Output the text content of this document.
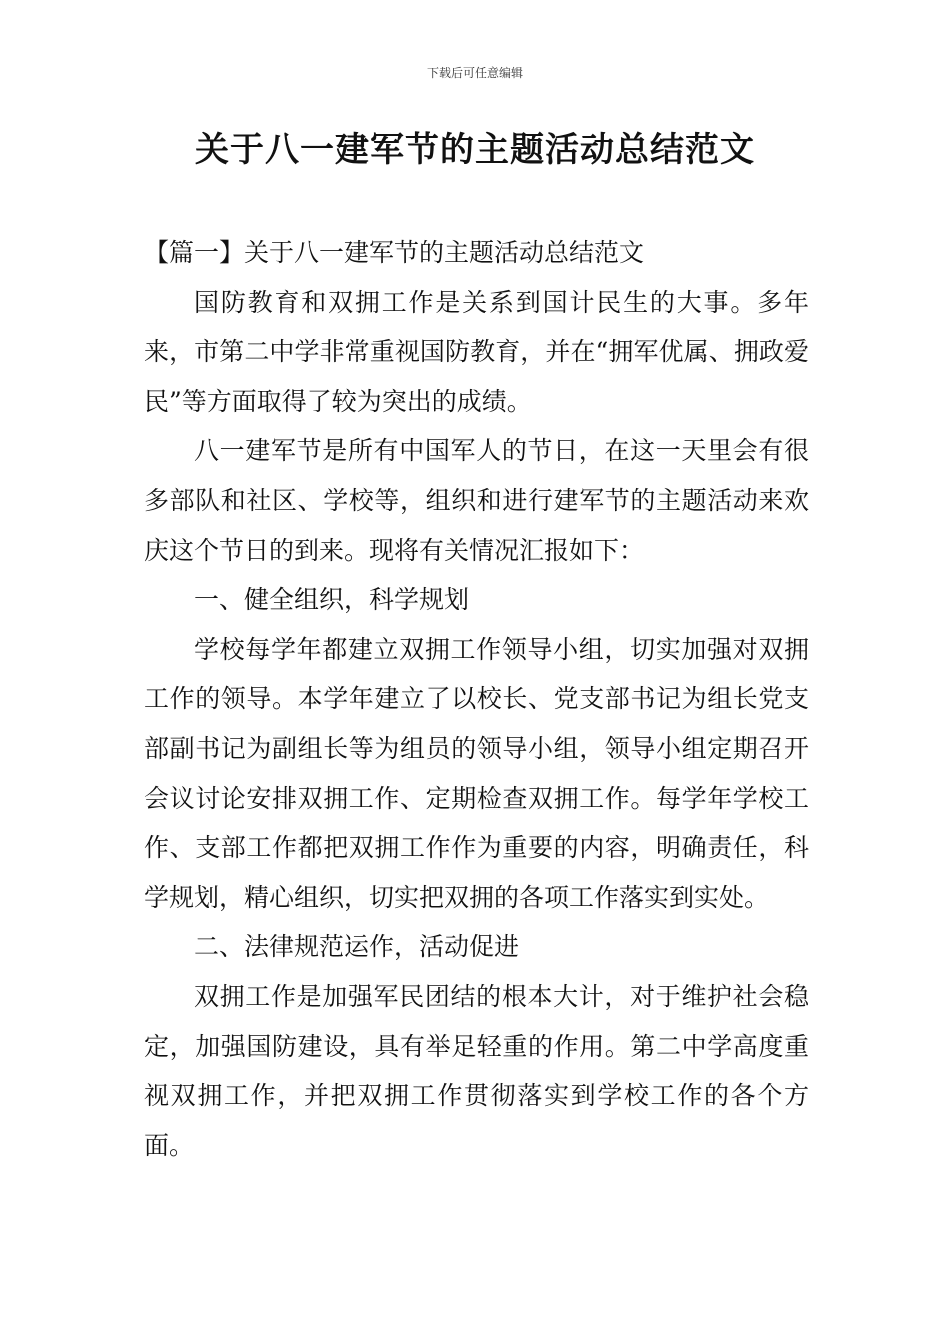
下载后可任意编辑
关于八一建军节的主题活动总结范文

【篇一】关于八一建军节的主题活动总结范文

国防教育和双拥工作是关系到国计民生的大事。多年来，市第二中学非常重视国防教育，并在“拥军优属、拥政爱民”等方面取得了较为突出的成绩。

八一建军节是所有中国军人的节日，在这一天里会有很多部队和社区、学校等，组织和进行建军节的主题活动来欢庆这个节日的到来。现将有关情况汇报如下：

一、健全组织，科学规划

学校每学年都建立双拥工作领导小组，切实加强对双拥工作的领导。本学年建立了以校长、党支部书记为组长党支部副书记为副组长等为组员的领导小组，领导小组定期召开会议讨论安排双拥工作、定期检查双拥工作。每学年学校工作、支部工作都把双拥工作作为重要的内容，明确责任，科学规划，精心组织，切实把双拥的各项工作落实到实处。

二、法律规范运作，活动促进

双拥工作是加强军民团结的根本大计，对于维护社会稳定，加强国防建设，具有举足轻重的作用。第二中学高度重视双拥工作，并把双拥工作贯彻落实到学校工作的各个方面。
